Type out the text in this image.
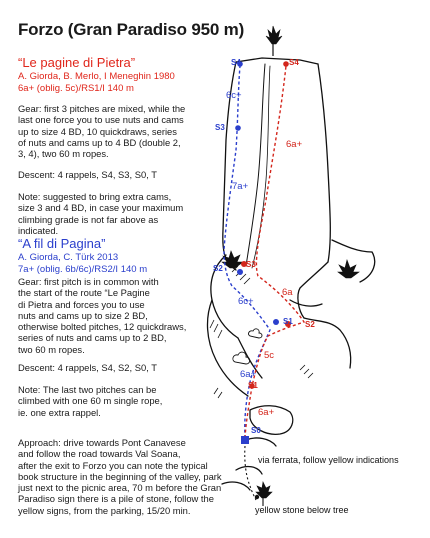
Forzo (Gran Paradiso 950 m)
“Le pagine di Pietra”
A. Giorda, B. Merlo, I Meneghin 1980
6a+ (oblig. 5c)/RS1/I 140 m
Gear: first 3 pitches are mixed, while the
last one force you to use nuts and cams
up to size 4 BD, 10 quickdraws, series
of nuts and cams up to 4 BD (double 2,
3, 4), two 60 m ropes.
Descent: 4 rappels, S4, S3, S0, T
Note: suggested to bring extra cams,
size 3 and 4 BD, in case your maximum
climbing grade is not far above as
indicated.
“A fil di Pagina”
A. Giorda, C. Türk 2013
7a+ (oblig. 6b/6c)/RS2/I 140 m
Gear: first pitch is in common with
the start of the route “Le Pagine
di Pietra and forces you to use
nuts and cams up to size 2 BD,
otherwise bolted pitches, 12 quickdraws,
series of nuts and cams up to 2 BD,
two 60 m ropes.
Descent: 4 rappels, S4, S2, S0, T
Note: The last two pitches can be
climbed with one 60 m single rope,
ie. one extra rappel.
Approach: drive towards Pont Canavese
and follow the road towards Val Soana,
after the exit to Forzo you can note the typical
book structure in the beginning of the valley, park
just next to the picnic area, 70 m before the Gran
Paradiso sign there is a pile of stone, follow the
yellow signs, from the parking, 15/20 min.
S4	S4
6c+
6a+
S3
7a+
S2	S3
6a
6c+
S1 S2
5c
6a+
S1
6a+
S0
via ferrata, follow yellow indications
yellow stone below tree
